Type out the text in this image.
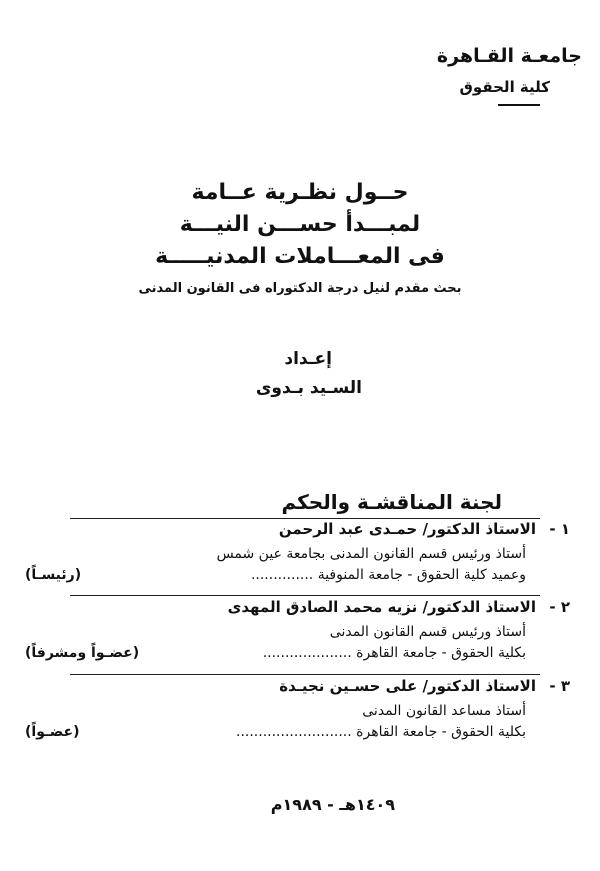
جامعـة القـاهرة
كلية الحقوق
حــول نظـرية عــامة
لمبـــدأ حســـن النيـــة
فى المعـــاملات المدنيـــــة
بحث مقدم لنيل درجة الدكتوراه فى القانون المدنى
إعـداد
السـيد بـدوى
لجنة المناقشـة والحكم
١ -
الاستاذ الدكتور/ حمـدى عبد الرحمن
أستاذ ورئيس قسم القانون المدنى بجامعة عين شمس
وعميد كلية الحقوق - جامعة المنوفية ..............
(رئيسـاً)
٢ -
الاستاذ الدكتور/ نزيه محمد الصادق المهدى
أستاذ ورئيس قسم القانون المدنى
بكلية الحقوق - جامعة القاهرة ....................
(عضـواً ومشرفاً)
٣ -
الاستاذ الدكتور/ على حسـين نجيـدة
أستاذ مساعد القانون المدنى
بكلية الحقوق - جامعة القاهرة ..........................
(عضـواً)
١٤٠٩هـ - ١٩٨٩م
